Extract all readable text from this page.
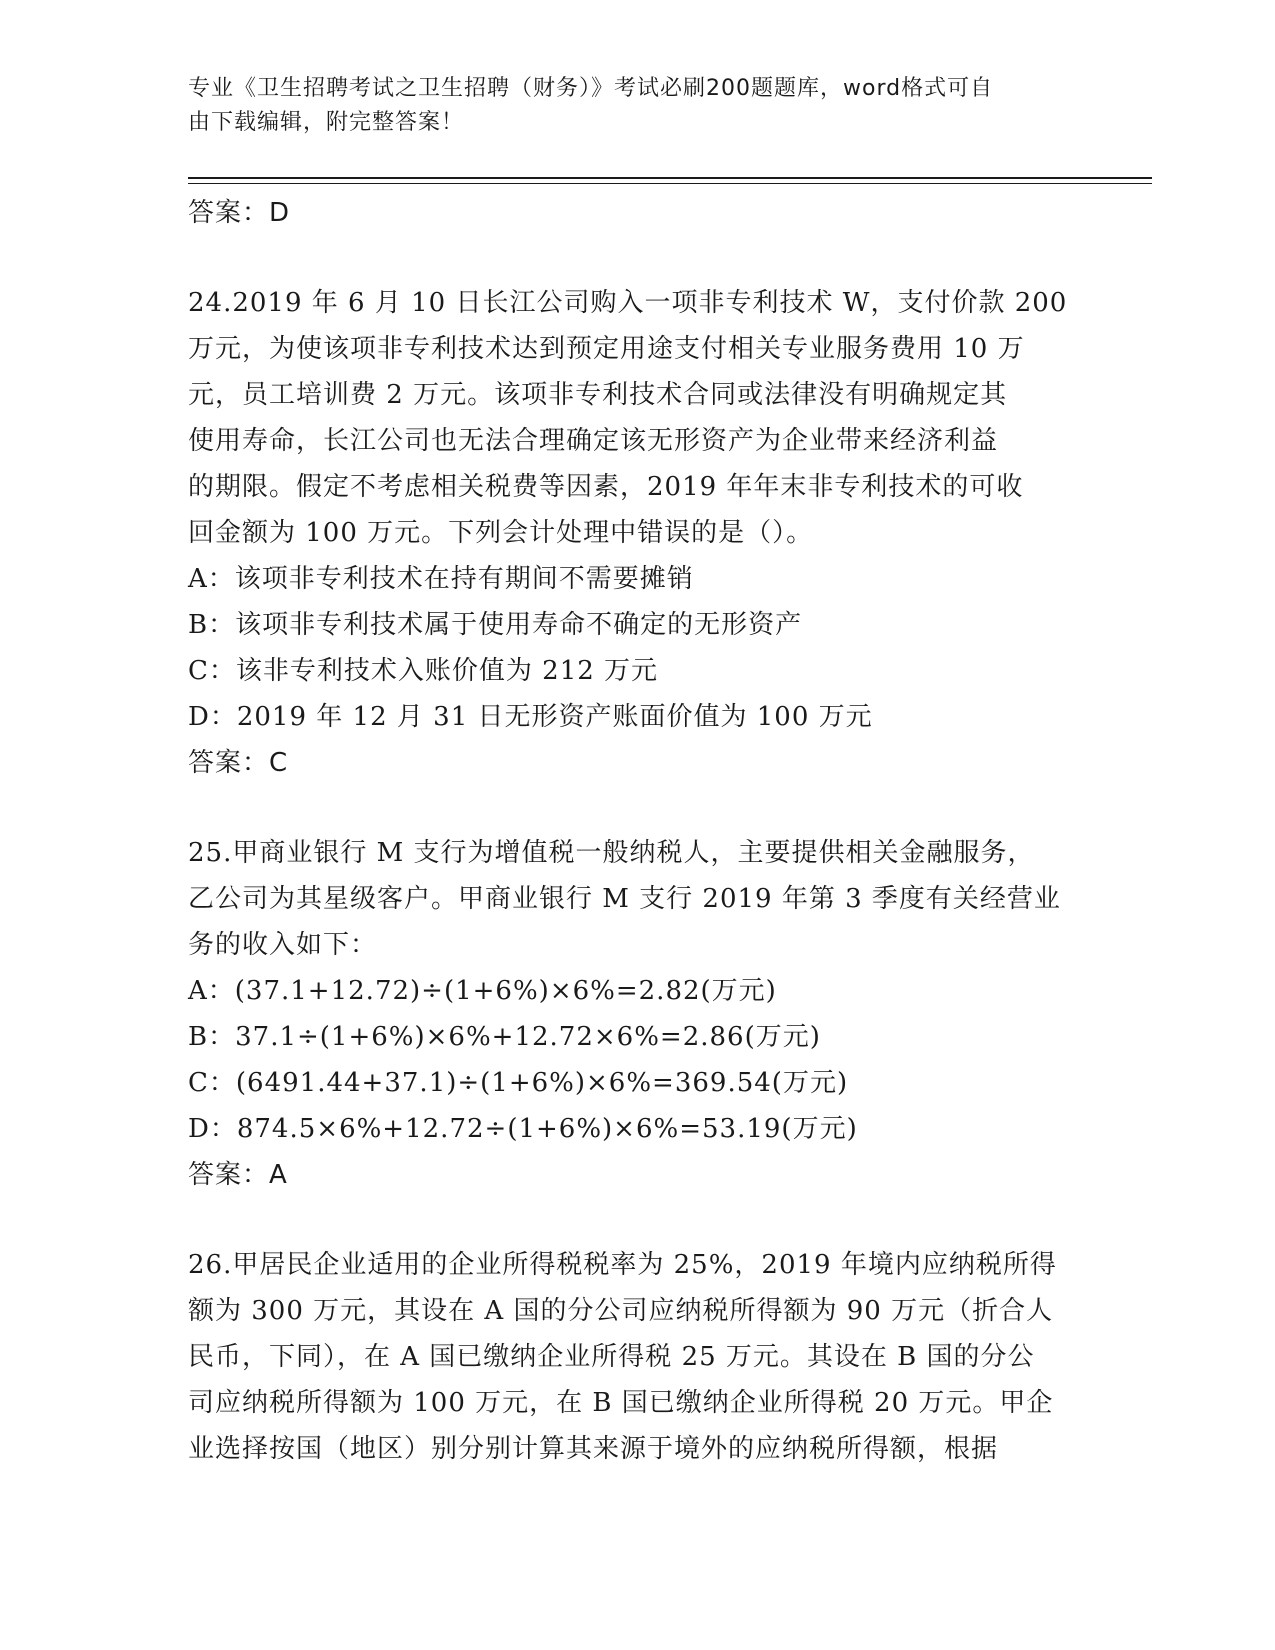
专业《卫生招聘考试之卫生招聘（财务）》考试必刷200题题库，word格式可自
由下载编辑，附完整答案！
答案：D
24.2019 年 6 月 10 日长江公司购入一项非专利技术 W，支付价款 200
万元，为使该项非专利技术达到预定用途支付相关专业服务费用 10 万
元，员工培训费 2 万元。该项非专利技术合同或法律没有明确规定其
使用寿命，长江公司也无法合理确定该无形资产为企业带来经济利益
的期限。假定不考虑相关税费等因素，2019 年年末非专利技术的可收
回金额为 100 万元。下列会计处理中错误的是（）。
A：该项非专利技术在持有期间不需要摊销
B：该项非专利技术属于使用寿命不确定的无形资产
C：该非专利技术入账价值为 212 万元
D：2019 年 12 月 31 日无形资产账面价值为 100 万元
答案：C
25.甲商业银行 M 支行为增值税一般纳税人，主要提供相关金融服务，
乙公司为其星级客户。甲商业银行 M 支行 2019 年第 3 季度有关经营业
务的收入如下：
A：(37.1+12.72)÷(1+6%)×6%=2.82(万元)
B：37.1÷(1+6%)×6%+12.72×6%=2.86(万元)
C：(6491.44+37.1)÷(1+6%)×6%=369.54(万元)
D：874.5×6%+12.72÷(1+6%)×6%=53.19(万元)
答案：A
26.甲居民企业适用的企业所得税税率为 25%，2019 年境内应纳税所得
额为 300 万元，其设在 A 国的分公司应纳税所得额为 90 万元（折合人
民币，下同），在 A 国已缴纳企业所得税 25 万元。其设在 B 国的分公
司应纳税所得额为 100 万元，在 B 国已缴纳企业所得税 20 万元。甲企
业选择按国（地区）别分别计算其来源于境外的应纳税所得额，根据
